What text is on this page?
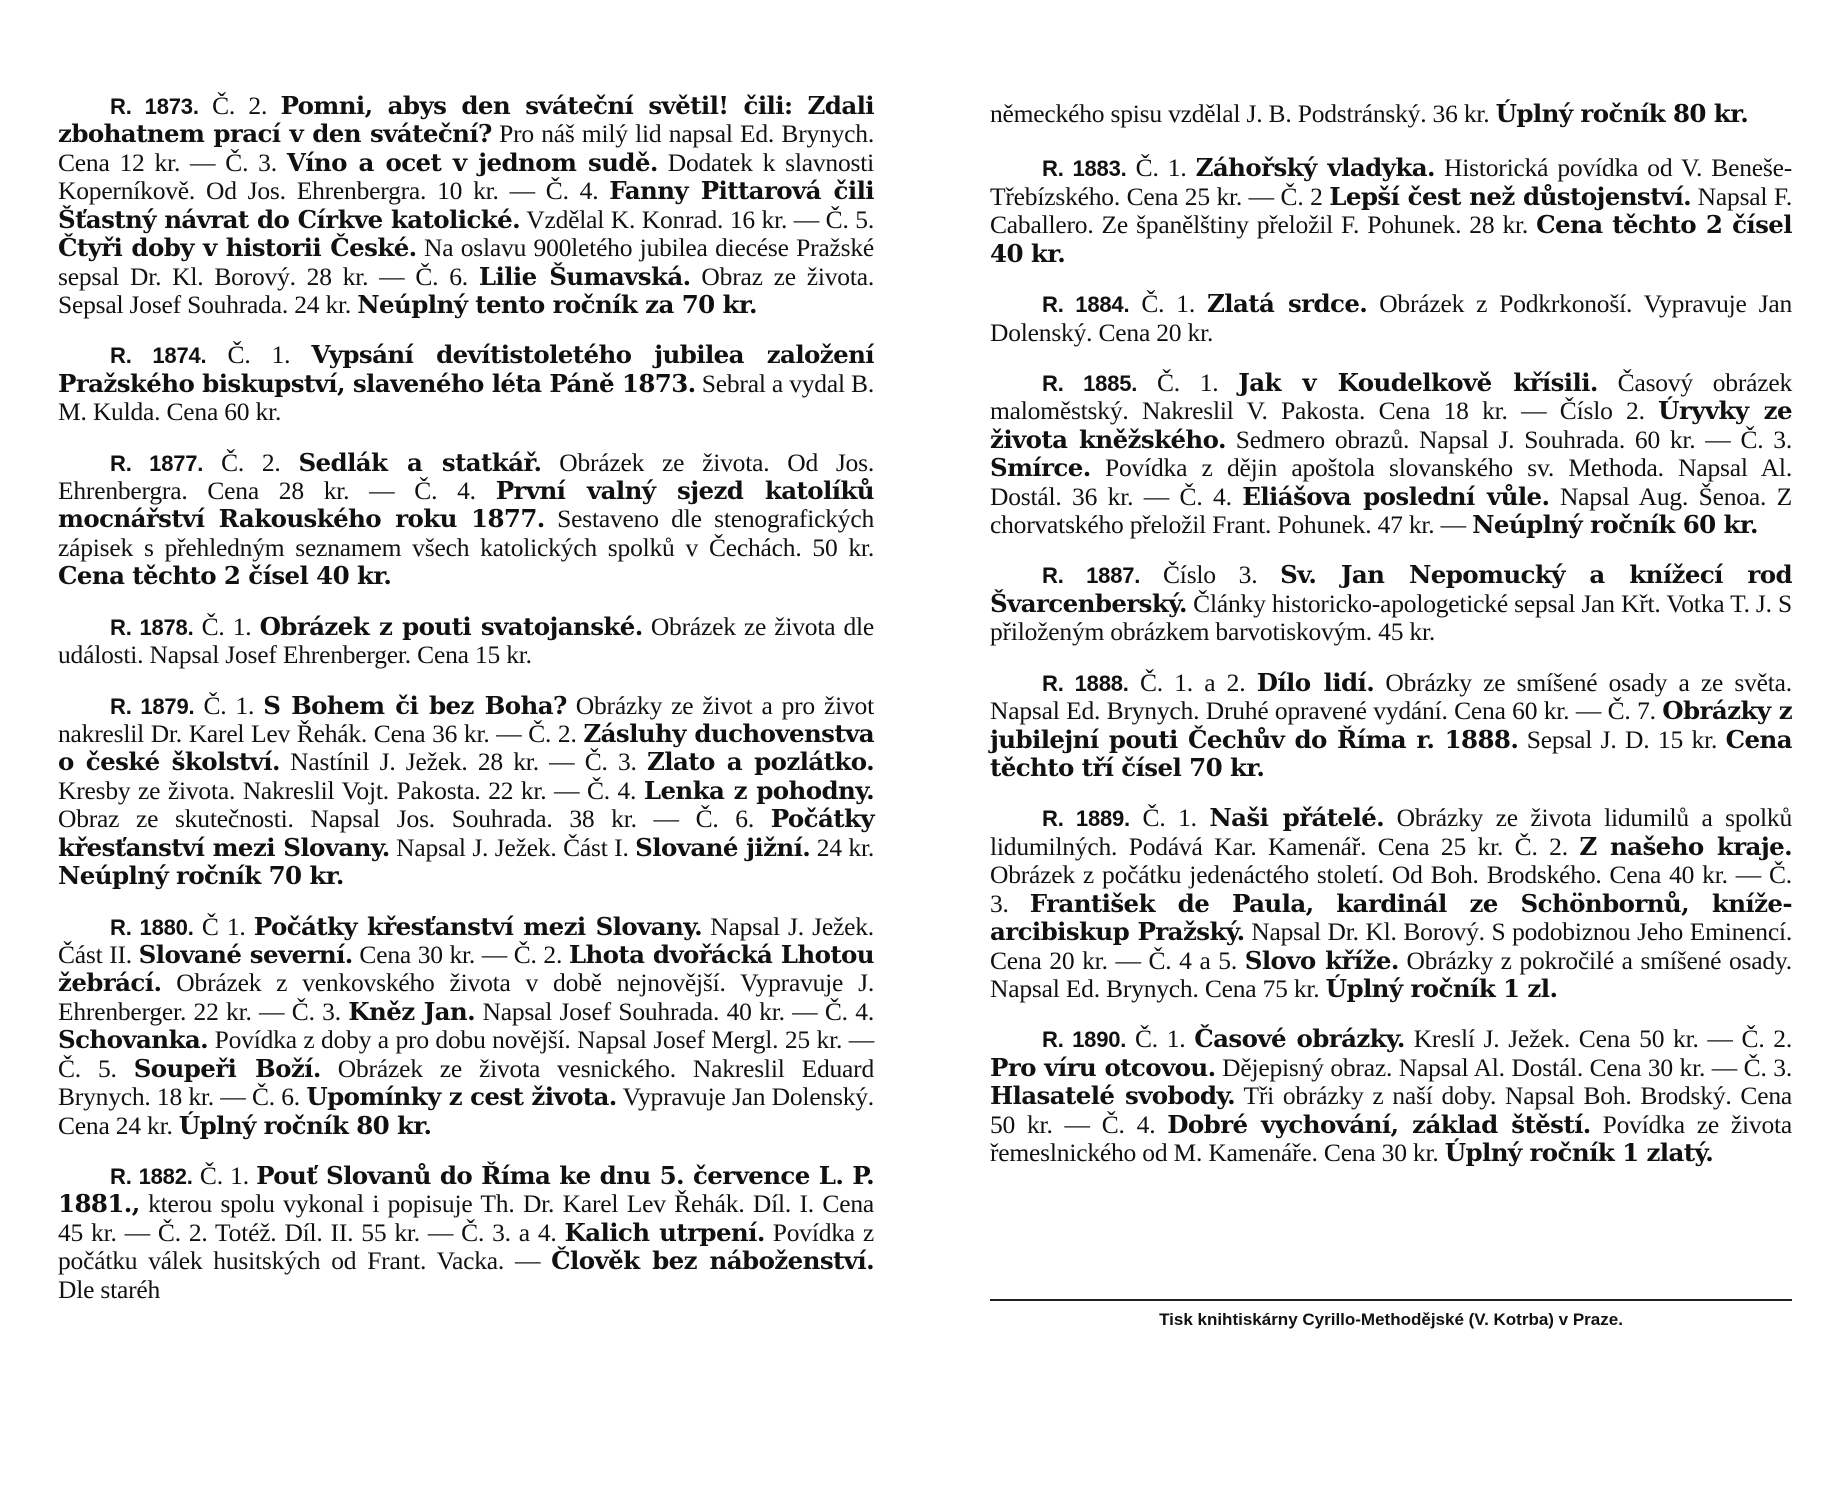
R. 1873. Č. 2. Pomni, abys den sváteční světil! čili: Zdali zbohatnem prací v den sváteční? Pro náš milý lid napsal Ed. Brynych. Cena 12 kr. — Č. 3. Víno a ocet v jednom sudě. Dodatek k slavnosti Koperníkově. Od Jos. Ehrenbergra. 10 kr. — Č. 4. Fanny Pittarová čili Šťastný návrat do Církve katolické. Vzdělal K. Konrad. 16 kr. — Č. 5. Čtyři doby v historii České. Na oslavu 900letého jubilea diecése Pražské sepsal Dr. Kl. Borový. 28 kr. — Č. 6. Lilie Šumavská. Obraz ze života. Sepsal Josef Souhrada. 24 kr. Neúplný tento ročník za 70 kr.

R. 1874. Č. 1. Vypsání devítistoletého jubilea založení Pražského biskupství, slaveného léta Páně 1873. Sebral a vydal B. M. Kulda. Cena 60 kr.

R. 1877. Č. 2. Sedlák a statkář. Obrázek ze života. Od Jos. Ehrenbergra. Cena 28 kr. — Č. 4. První valný sjezd katolíků mocnářství Rakouského roku 1877. Sestaveno dle stenografických zápisek s přehledným seznamem všech katolických spolků v Čechách. 50 kr. Cena těchto 2 čísel 40 kr.

R. 1878. Č. 1. Obrázek z pouti svatojanské. Obrázek ze života dle události. Napsal Josef Ehrenberger. Cena 15 kr.

R. 1879. Č. 1. S Bohem či bez Boha? Obrázky ze život a pro život nakreslil Dr. Karel Lev Řehák. Cena 36 kr. — Č. 2. Zásluhy duchovenstva o české školství. Nastínil J. Ježek. 28 kr. — Č. 3. Zlato a pozlátko. Kresby ze života. Nakreslil Vojt. Pakosta. 22 kr. — Č. 4. Lenka z pohodny. Obraz ze skutečnosti. Napsal Jos. Souhrada. 38 kr. — Č. 6. Počátky křesťanství mezi Slovany. Napsal J. Ježek. Část I. Slované jižní. 24 kr. Neúplný ročník 70 kr.

R. 1880. Č 1. Počátky křesťanství mezi Slovany. Napsal J. Ježek. Část II. Slované severní. Cena 30 kr. — Č. 2. Lhota dvořácká Lhotou žebrácí. Obrázek z venkovského života v době nejnovější. Vypravuje J. Ehrenberger. 22 kr. — Č. 3. Kněz Jan. Napsal Josef Souhrada. 40 kr. — Č. 4. Schovanka. Povídka z doby a pro dobu novější. Napsal Josef Mergl. 25 kr. — Č. 5. Soupeři Boží. Obrázek ze života vesnického. Nakreslil Eduard Brynych. 18 kr. — Č. 6. Upomínky z cest života. Vypravuje Jan Dolenský. Cena 24 kr. Úplný ročník 80 kr.

R. 1882. Č. 1. Pouť Slovanů do Říma ke dnu 5. července L. P. 1881., kterou spolu vykonal i popisuje Th. Dr. Karel Lev Řehák. Díl. I. Cena 45 kr. — Č. 2. Totéž. Díl. II. 55 kr. — Č. 3. a 4. Kalich utrpení. Povídka z počátku válek husitských od Frant. Vacka. — Člověk bez náboženství. Dle staréh

německého spisu vzdělal J. B. Podstránský. 36 kr. Úplný ročník 80 kr.

R. 1883. Č. 1. Záhořský vladyka. Historická povídka od V. Beneše-Třebízského. Cena 25 kr. — Č. 2 Lepší čest než důstojenství. Napsal F. Caballero. Ze španělštiny přeložil F. Pohunek. 28 kr. Cena těchto 2 čísel 40 kr.

R. 1884. Č. 1. Zlatá srdce. Obrázek z Podkrkonoší. Vypravuje Jan Dolenský. Cena 20 kr.

R. 1885. Č. 1. Jak v Koudelkově křísili. Časový obrázek maloměstský. Nakreslil V. Pakosta. Cena 18 kr. — Číslo 2. Úryvky ze života kněžského. Sedmero obrazů. Napsal J. Souhrada. 60 kr. — Č. 3. Smírce. Povídka z dějin apoštola slovanského sv. Methoda. Napsal Al. Dostál. 36 kr. — Č. 4. Eliášova poslední vůle. Napsal Aug. Šenoa. Z chorvatského přeložil Frant. Pohunek. 47 kr. — Neúplný ročník 60 kr.

R. 1887. Číslo 3. Sv. Jan Nepomucký a knížecí rod Švarcenberský. Články historicko-apologetické sepsal Jan Křt. Votka T. J. S přiloženým obrázkem barvotiskovým. 45 kr.

R. 1888. Č. 1. a 2. Dílo lidí. Obrázky ze smíšené osady a ze světa. Napsal Ed. Brynych. Druhé opravené vydání. Cena 60 kr. — Č. 7. Obrázky z jubilejní pouti Čechův do Říma r. 1888. Sepsal J. D. 15 kr. Cena těchto tří čísel 70 kr.

R. 1889. Č. 1. Naši přátelé. Obrázky ze života lidumilů a spolků lidumilných. Podává Kar. Kamenář. Cena 25 kr. Č. 2. Z našeho kraje. Obrázek z počátku jedenáctého století. Od Boh. Brodského. Cena 40 kr. — Č. 3. František de Paula, kardinál ze Schönbornů, kníže-arcibiskup Pražský. Napsal Dr. Kl. Borový. S podobiznou Jeho Eminencí. Cena 20 kr. — Č. 4 a 5. Slovo kříže. Obrázky z pokročilé a smíšené osady. Napsal Ed. Brynych. Cena 75 kr. Úplný ročník 1 zl.

R. 1890. Č. 1. Časové obrázky. Kreslí J. Ježek. Cena 50 kr. — Č. 2. Pro víru otcovou. Dějepisný obraz. Napsal Al. Dostál. Cena 30 kr. — Č. 3. Hlasatelé svobody. Tři obrázky z naší doby. Napsal Boh. Brodský. Cena 50 kr. — Č. 4. Dobré vychování, základ štěstí. Povídka ze života řemeslnického od M. Kamenáře. Cena 30 kr. Úplný ročník 1 zlatý.

Tisk knihtiskárny Cyrillo-Methodějské (V. Kotrba) v Praze.
